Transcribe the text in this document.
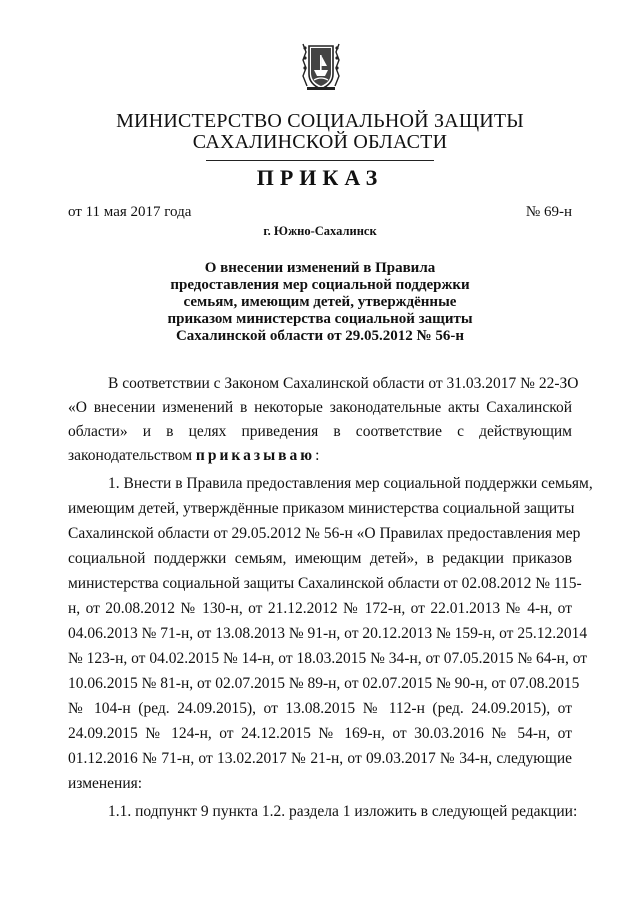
МИНИСТЕРСТВО СОЦИАЛЬНОЙ ЗАЩИТЫ
САХАЛИНСКОЙ ОБЛАСТИ
ПРИКАЗ
от 11 мая 2017 года	№ 69-н
г. Южно-Сахалинск
О внесении изменений в Правила
предоставления мер социальной поддержки
семьям, имеющим детей, утверждённые
приказом министерства социальной защиты
Сахалинской области от 29.05.2012 № 56-н
В соответствии с Законом Сахалинской области от 31.03.2017 № 22-ЗО
«О внесении изменений в некоторые законодательные акты Сахалинской
области» и в целях приведения в соответствие с действующим
законодательством приказываю:
1. Внести в Правила предоставления мер социальной поддержки семьям,
имеющим детей, утверждённые приказом министерства социальной защиты
Сахалинской области от 29.05.2012 № 56-н «О Правилах предоставления мер
социальной поддержки семьям, имеющим детей», в редакции приказов
министерства социальной защиты Сахалинской области от 02.08.2012 № 115-
н, от 20.08.2012 № 130-н, от 21.12.2012 № 172-н, от 22.01.2013 № 4-н, от
04.06.2013 № 71-н, от 13.08.2013 № 91-н, от 20.12.2013 № 159-н, от 25.12.2014
№ 123-н, от 04.02.2015 № 14-н, от 18.03.2015 № 34-н, от 07.05.2015 № 64-н, от
10.06.2015 № 81-н, от 02.07.2015 № 89-н, от 02.07.2015 № 90-н, от 07.08.2015
№ 104-н (ред. 24.09.2015), от 13.08.2015 № 112-н (ред. 24.09.2015), от
24.09.2015 № 124-н, от 24.12.2015 № 169-н, от 30.03.2016 № 54-н, от
01.12.2016 № 71-н, от 13.02.2017 № 21-н, от 09.03.2017 № 34-н, следующие
изменения:
1.1. подпункт 9 пункта 1.2. раздела 1 изложить в следующей редакции:
